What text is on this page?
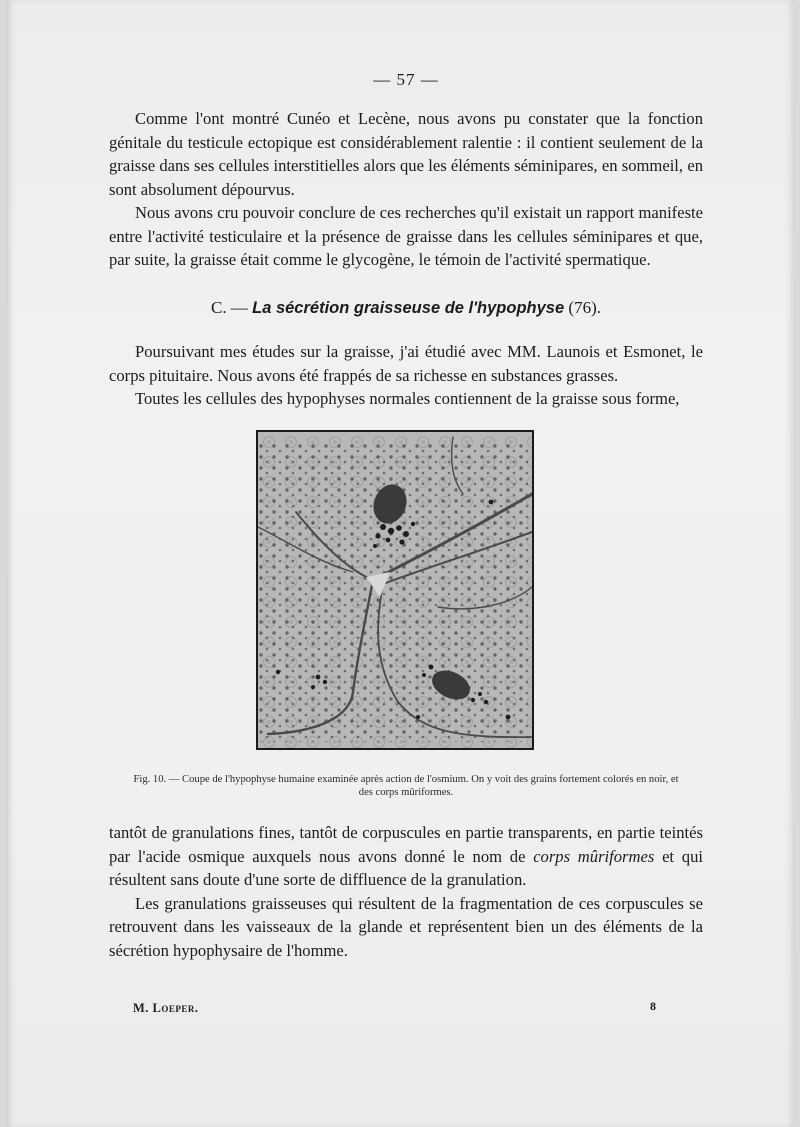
— 57 —

Comme l'ont montré Cunéo et Lecène, nous avons pu constater que la fonction génitale du testicule ectopique est considérablement ralentie : il contient seulement de la graisse dans ses cellules interstitielles alors que les éléments séminipares, en sommeil, en sont absolument dépourvus.

Nous avons cru pouvoir conclure de ces recherches qu'il existait un rapport manifeste entre l'activité testiculaire et la présence de graisse dans les cellules séminipares et que, par suite, la graisse était comme le glycogène, le témoin de l'activité spermatique.

C. — La sécrétion graisseuse de l'hypophyse (76).

Poursuivant mes études sur la graisse, j'ai étudié avec MM. Launois et Esmonet, le corps pituitaire. Nous avons été frappés de sa richesse en substances grasses.

Toutes les cellules des hypophyses normales contiennent de la graisse sous forme,

Fig. 10. — Coupe de l'hypophyse humaine examinée après action de l'osmium. On y voit des grains fortement colorés en noir, et des corps mûriformes.

tantôt de granulations fines, tantôt de corpuscules en partie transparents, en partie teintés par l'acide osmique auxquels nous avons donné le nom de corps mûriformes et qui résultent sans doute d'une sorte de diffluence de la granulation.

Les granulations graisseuses qui résultent de la fragmentation de ces corpuscules se retrouvent dans les vaisseaux de la glande et représentent bien un des éléments de la sécrétion hypophysaire de l'homme.

M. Loeper.	8
